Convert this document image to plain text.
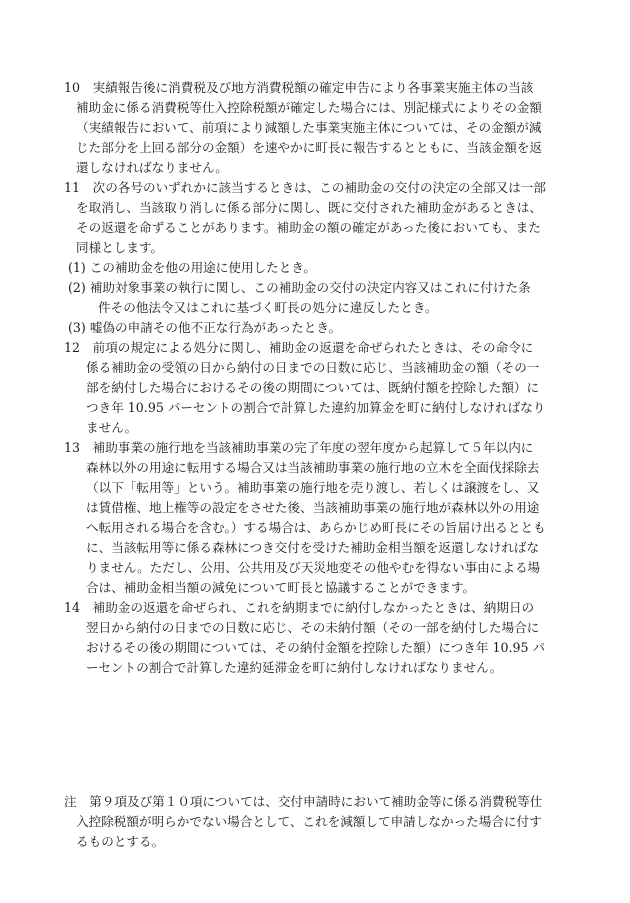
10　実績報告後に消費税及び地方消費税額の確定申告により各事業実施主体の当該

補助金に係る消費税等仕入控除税額が確定した場合には、別記様式によりその金額

（実績報告において、前項により減額した事業実施主体については、その金額が減

じた部分を上回る部分の金額）を速やかに町長に報告するとともに、当該金額を返

還しなければなりません。

11　次の各号のいずれかに該当するときは、この補助金の交付の決定の全部又は一部

を取消し、当該取り消しに係る部分に関し、既に交付された補助金があるときは、

その返還を命ずることがあります。補助金の額の確定があった後においても、また

同様とします。

(1) この補助金を他の用途に使用したとき。

(2) 補助対象事業の執行に関し、この補助金の交付の決定内容又はこれに付けた条

件その他法令又はこれに基づく町長の処分に違反したとき。

(3) 嘘偽の申請その他不正な行為があったとき。

12　前項の規定による処分に関し、補助金の返還を命ぜられたときは、その命令に

係る補助金の受領の日から納付の日までの日数に応じ、当該補助金の額（その一

部を納付した場合におけるその後の期間については、既納付額を控除した額）に

つき年 10.95 パーセントの割合で計算した違約加算金を町に納付しなければなり

ません。

13　補助事業の施行地を当該補助事業の完了年度の翌年度から起算して５年以内に

森林以外の用途に転用する場合又は当該補助事業の施行地の立木を全面伐採除去

（以下「転用等」という。補助事業の施行地を売り渡し、若しくは譲渡をし、又

は賃借権、地上権等の設定をさせた後、当該補助事業の施行地が森林以外の用途

へ転用される場合を含む。）する場合は、あらかじめ町長にその旨届け出るととも

に、当該転用等に係る森林につき交付を受けた補助金相当額を返還しなければな

りません。ただし、公用、公共用及び天災地変その他やむを得ない事由による場

合は、補助金相当額の減免について町長と協議することができます。

14　補助金の返還を命ぜられ、これを納期までに納付しなかったときは、納期日の

翌日から納付の日までの日数に応じ、その未納付額（その一部を納付した場合に

おけるその後の期間については、その納付金額を控除した額）につき年 10.95 パ

ーセントの割合で計算した違約延滞金を町に納付しなければなりません。

注　第９項及び第１０項については、交付申請時において補助金等に係る消費税等仕

入控除税額が明らかでない場合として、これを減額して申請しなかった場合に付す

るものとする。
